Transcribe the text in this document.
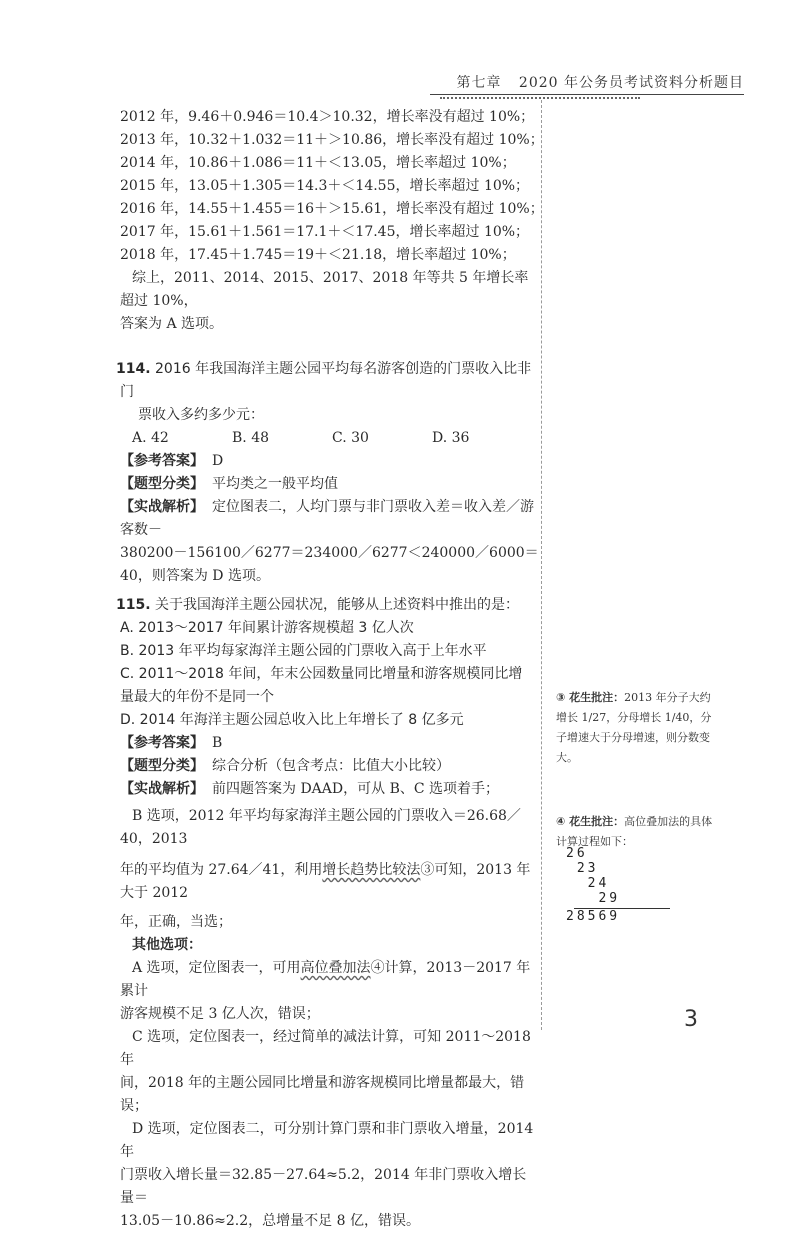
第七章 2020 年公务员考试资料分析题目

2012 年，9.46＋0.946＝10.4＞10.32，增长率没有超过 10%；

2013 年，10.32＋1.032＝11＋＞10.86，增长率没有超过 10%；

2014 年，10.86＋1.086＝11＋＜13.05，增长率超过 10%；

2015 年，13.05＋1.305＝14.3＋＜14.55，增长率超过 10%；

2016 年，14.55＋1.455＝16＋＞15.61，增长率没有超过 10%；

2017 年，15.61＋1.561＝17.1＋＜17.45，增长率超过 10%；

2018 年，17.45＋1.745＝19＋＜21.18，增长率超过 10%；

综上，2011、2014、2015、2017、2018 年等共 5 年增长率超过 10%，

答案为 A 选项。

114. 2016 年我国海洋主题公园平均每名游客创造的门票收入比非门

票收入多约多少元：

A. 42	B. 48	C. 30	D. 36

【参考答案】 D

【题型分类】 平均类之一般平均值

【实战解析】 定位图表二，人均门票与非门票收入差＝收入差／游客数－

380200－156100／6277＝234000／6277＜240000／6000＝40，则答案为 D 选项。

115. 关于我国海洋主题公园状况，能够从上述资料中推出的是：

A. 2013～2017 年间累计游客规模超 3 亿人次

B. 2013 年平均每家海洋主题公园的门票收入高于上年水平

C. 2011～2018 年间，年末公园数量同比增量和游客规模同比增

量最大的年份不是同一个

D. 2014 年海洋主题公园总收入比上年增长了 8 亿多元

【参考答案】 B

【题型分类】 综合分析（包含考点：比值大小比较）

【实战解析】 前四题答案为 DAAD，可从 B、C 选项着手；

B 选项，2012 年平均每家海洋主题公园的门票收入＝26.68／40，2013

年的平均值为 27.64／41，利用增长趋势比较法③可知，2013 年大于 2012

年，正确，当选；

其他选项：

A 选项，定位图表一，可用高位叠加法④计算，2013－2017 年累计

游客规模不足 3 亿人次，错误；

C 选项，定位图表一，经过简单的减法计算，可知 2011～2018 年

间，2018 年的主题公园同比增量和游客规模同比增量都最大，错误；

D 选项，定位图表二，可分别计算门票和非门票收入增量，2014 年

门票收入增长量＝32.85－27.64≈5.2，2014 年非门票收入增长量＝

13.05－10.86≈2.2，总增量不足 8 亿，错误。

③ 花生批注：2013 年分子大约增长 1/27，分母增长 1/40，分子增速大于分母增速，则分数变大。
④ 花生批注：高位叠加法的具体计算过程如下：
26
23
24
29
28569
3
